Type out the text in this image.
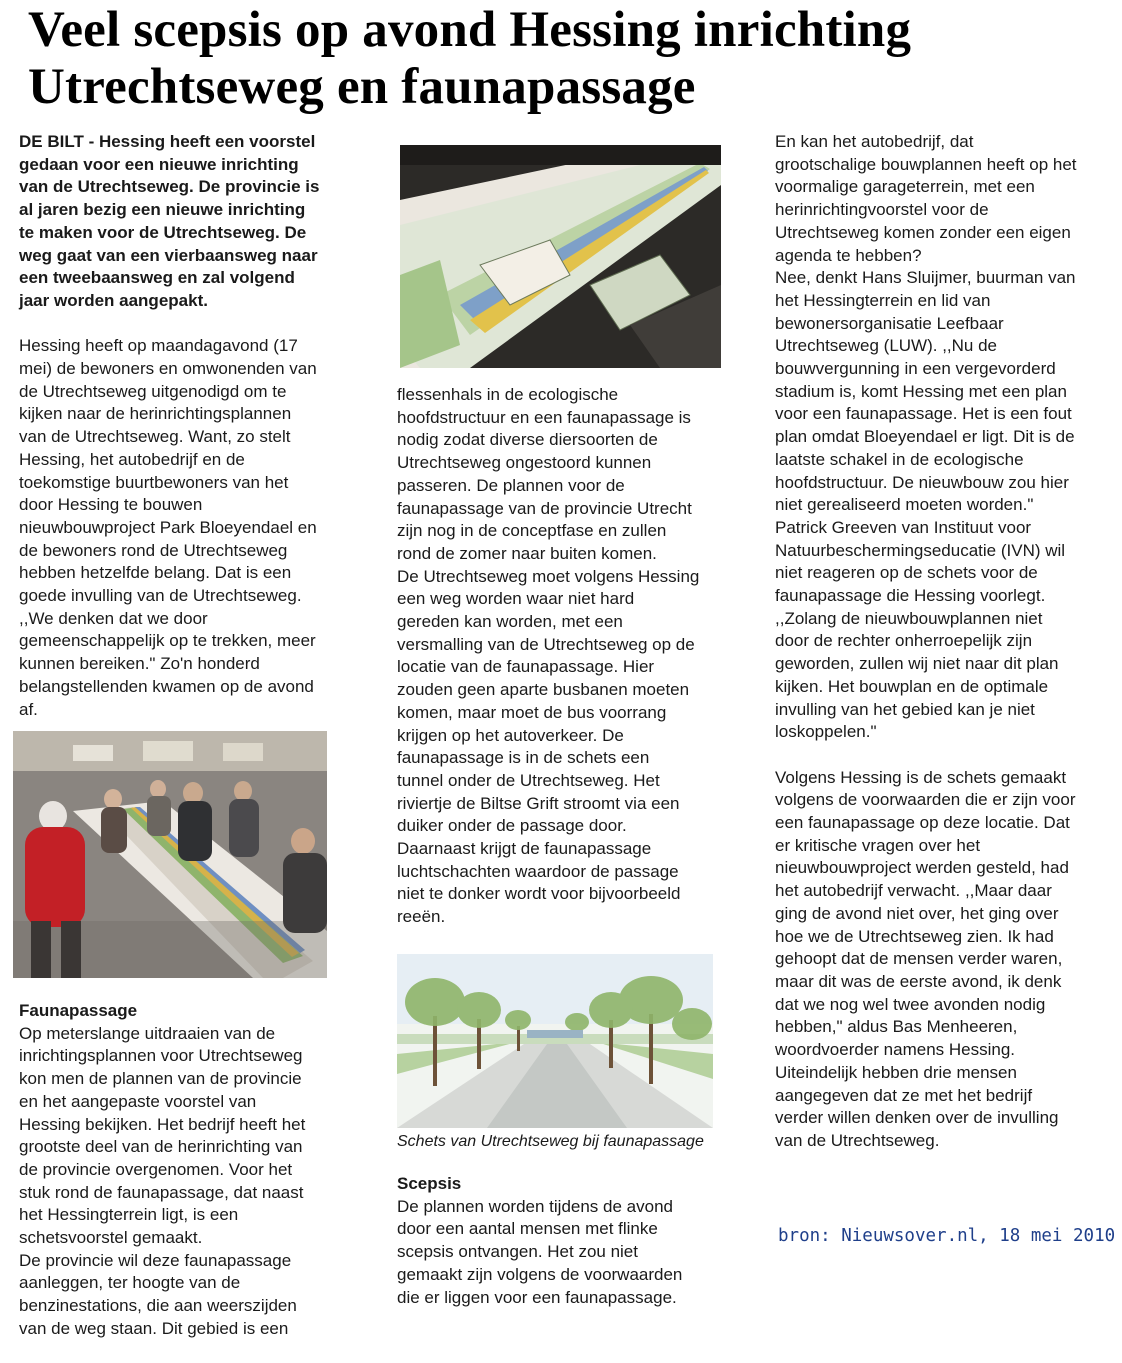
Veel scepsis op avond Hessing inrichting
Utrechtseweg en faunapassage
DE BILT - Hessing heeft een voorstel
gedaan voor een nieuwe inrichting
van de Utrechtseweg. De provincie is
al jaren bezig een nieuwe inrichting
te maken voor de Utrechtseweg. De
weg gaat van een vierbaansweg naar
een tweebaansweg en zal volgend
jaar worden aangepakt.
Hessing heeft op maandagavond (17
mei) de bewoners en omwonenden van
de Utrechtseweg uitgenodigd om te
kijken naar de herinrichtingsplannen
van de Utrechtseweg. Want, zo stelt
Hessing, het autobedrijf en de
toekomstige buurtbewoners van het
door Hessing te bouwen
nieuwbouwproject Park Bloeyendael en
de bewoners rond de Utrechtseweg
hebben hetzelfde belang. Dat is een
goede invulling van de Utrechtseweg.
,,We denken dat we door
gemeenschappelijk op te trekken, meer
kunnen bereiken." Zo'n honderd
belangstellenden kwamen op de avond
af.

Faunapassage

Op meterslange uitdraaien van de
inrichtingsplannen voor Utrechtseweg
kon men de plannen van de provincie
en het aangepaste voorstel van
Hessing bekijken. Het bedrijf heeft het
grootste deel van de herinrichting van
de provincie overgenomen. Voor het
stuk rond de faunapassage, dat naast
het Hessingterrein ligt, is een
schetsvoorstel gemaakt.
De provincie wil deze faunapassage
aanleggen, ter hoogte van de
benzinestations, die aan weerszijden
van de weg staan. Dit gebied is een
flessenhals in de ecologische
hoofdstructuur en een faunapassage is
nodig zodat diverse diersoorten de
Utrechtseweg ongestoord kunnen
passeren. De plannen voor de
faunapassage van de provincie Utrecht
zijn nog in de conceptfase en zullen
rond de zomer naar buiten komen.
De Utrechtseweg moet volgens Hessing
een weg worden waar niet hard
gereden kan worden, met een
versmalling van de Utrechtseweg op de
locatie van de faunapassage. Hier
zouden geen aparte busbanen moeten
komen, maar moet de bus voorrang
krijgen op het autoverkeer. De
faunapassage is in de schets een
tunnel onder de Utrechtseweg. Het
riviertje de Biltse Grift stroomt via een
duiker onder de passage door.
Daarnaast krijgt de faunapassage
luchtschachten waardoor de passage
niet te donker wordt voor bijvoorbeeld
reeën.
Schets van Utrechtseweg bij faunapassage

Scepsis

De plannen worden tijdens de avond
door een aantal mensen met flinke
scepsis ontvangen. Het zou niet
gemaakt zijn volgens de voorwaarden
die er liggen voor een faunapassage.
En kan het autobedrijf, dat
grootschalige bouwplannen heeft op het
voormalige garageterrein, met een
herinrichtingvoorstel voor de
Utrechtseweg komen zonder een eigen
agenda te hebben?
Nee, denkt Hans Sluijmer, buurman van
het Hessingterrein en lid van
bewonersorganisatie Leefbaar
Utrechtseweg (LUW). ,,Nu de
bouwvergunning in een vergevorderd
stadium is, komt Hessing met een plan
voor een faunapassage. Het is een fout
plan omdat Bloeyendael er ligt. Dit is de
laatste schakel in de ecologische
hoofdstructuur. De nieuwbouw zou hier
niet gerealiseerd moeten worden."
Patrick Greeven van Instituut voor
Natuurbeschermingseducatie (IVN) wil
niet reageren op de schets voor de
faunapassage die Hessing voorlegt.
,,Zolang de nieuwbouwplannen niet
door de rechter onherroepelijk zijn
geworden, zullen wij niet naar dit plan
kijken. Het bouwplan en de optimale
invulling van het gebied kan je niet
loskoppelen."
Volgens Hessing is de schets gemaakt
volgens de voorwaarden die er zijn voor
een faunapassage op deze locatie. Dat
er kritische vragen over het
nieuwbouwproject werden gesteld, had
het autobedrijf verwacht. ,,Maar daar
ging de avond niet over, het ging over
hoe we de Utrechtseweg zien. Ik had
gehoopt dat de mensen verder waren,
maar dit was de eerste avond, ik denk
dat we nog wel twee avonden nodig
hebben," aldus Bas Menheeren,
woordvoerder namens Hessing.
Uiteindelijk hebben drie mensen
aangegeven dat ze met het bedrijf
verder willen denken over de invulling
van de Utrechtseweg.
bron: Nieuwsover.nl, 18 mei 2010
